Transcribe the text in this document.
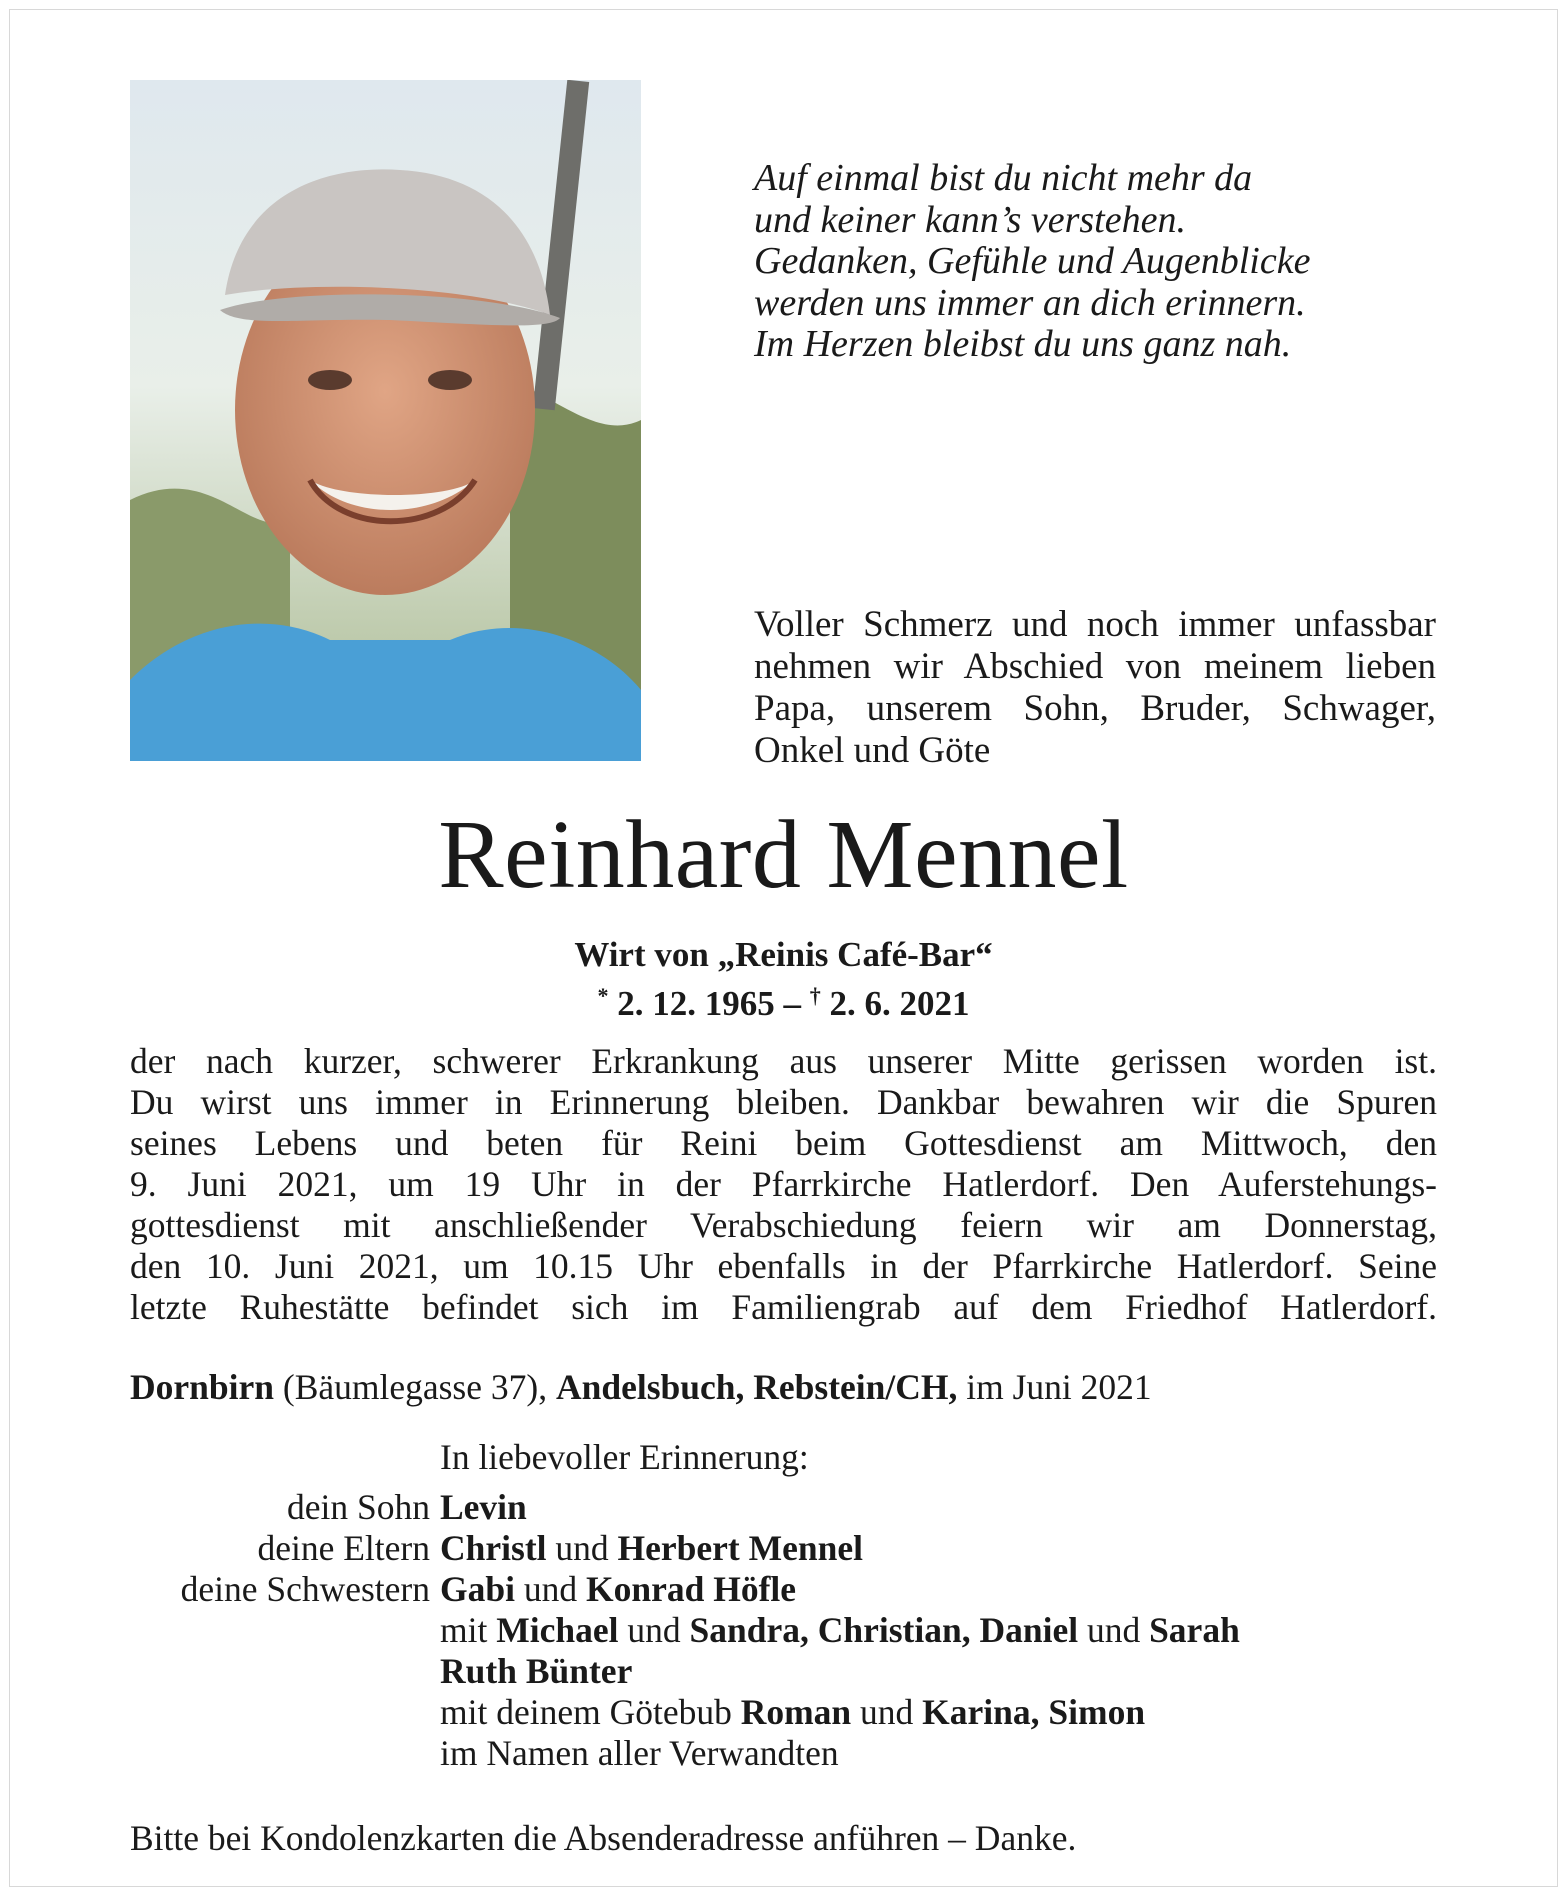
Auf einmal bist du nicht mehr da
und keiner kann’s verstehen.
Gedanken, Gefühle und Augenblicke
werden uns immer an dich erinnern.
Im Herzen bleibst du uns ganz nah.

Voller Schmerz und noch immer unfassbar nehmen wir Abschied von meinem lieben Papa, unserem Sohn, Bruder, Schwager, Onkel und Göte

Reinhard Mennel

Wirt von „Reinis Café-Bar“

* 2. 12. 1965 – † 2. 6. 2021

der nach kurzer, schwerer Erkrankung aus unserer Mitte gerissen worden ist.
Du wirst uns immer in Erinnerung bleiben. Dankbar bewahren wir die Spuren
seines Lebens und beten für Reini beim Gottesdienst am Mittwoch, den
9. Juni 2021, um 19 Uhr in der Pfarrkirche Hatlerdorf. Den Auferstehungs-
gottesdienst mit anschließender Verabschiedung feiern wir am Donnerstag,
den 10. Juni 2021, um 10.15 Uhr ebenfalls in der Pfarrkirche Hatlerdorf. Seine
letzte Ruhestätte befindet sich im Familiengrab auf dem Friedhof Hatlerdorf.

Dornbirn (Bäumlegasse 37), Andelsbuch, Rebstein/CH, im Juni 2021

In liebevoller Erinnerung:

dein Sohn Levin
deine Eltern Christl und Herbert Mennel
deine Schwestern Gabi und Konrad Höfle
mit Michael und Sandra, Christian, Daniel und Sarah
Ruth Bünter
mit deinem Götebub Roman und Karina, Simon
im Namen aller Verwandten

Bitte bei Kondolenzkarten die Absenderadresse anführen – Danke.
